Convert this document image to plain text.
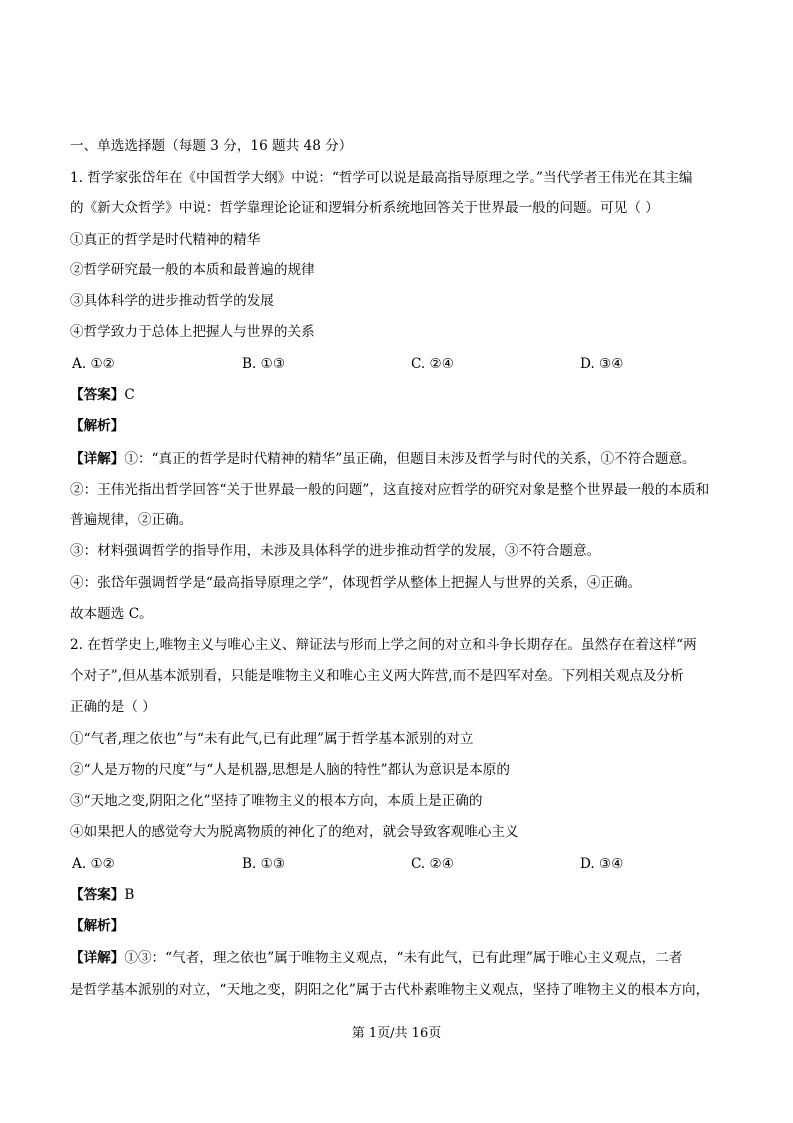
一、单选选择题（每题 3 分，16 题共 48 分）
1. 哲学家张岱年在《中国哲学大纲》中说：“哲学可以说是最高指导原理之学。”当代学者王伟光在其主编
的《新大众哲学》中说：哲学靠理论论证和逻辑分析系统地回答关于世界最一般的问题。可见（ ）
①真正的哲学是时代精神的精华
②哲学研究最一般的本质和最普遍的规律
③具体科学的进步推动哲学的发展
④哲学致力于总体上把握人与世界的关系
A. ①②	B. ①③	C. ②④	D. ③④
【答案】C
【解析】
【详解】①：“真正的哲学是时代精神的精华”虽正确，但题目未涉及哲学与时代的关系，①不符合题意。
②：王伟光指出哲学回答“关于世界最一般的问题”，这直接对应哲学的研究对象是整个世界最一般的本质和
普遍规律，②正确。
③：材料强调哲学的指导作用，未涉及具体科学的进步推动哲学的发展，③不符合题意。
④：张岱年强调哲学是“最高指导原理之学”，体现哲学从整体上把握人与世界的关系，④正确。
故本题选 C。
2. 在哲学史上,唯物主义与唯心主义、辩证法与形而上学之间的对立和斗争长期存在。虽然存在着这样“两
个对子”,但从基本派别看，只能是唯物主义和唯心主义两大阵营,而不是四军对垒。下列相关观点及分析
正确的是（ ）
①“气者,理之依也”与“未有此气,已有此理”属于哲学基本派别的对立
②“人是万物的尺度”与“人是机器,思想是人脑的特性”都认为意识是本原的
③“天地之变,阴阳之化”坚持了唯物主义的根本方向，本质上是正确的
④如果把人的感觉夸大为脱离物质的神化了的绝对，就会导致客观唯心主义
A. ①②	B. ①③	C. ②④	D. ③④
【答案】B
【解析】
【详解】①③：“气者，理之依也”属于唯物主义观点，“未有此气，已有此理”属于唯心主义观点，二者
是哲学基本派别的对立，“天地之变，阴阳之化”属于古代朴素唯物主义观点，坚持了唯物主义的根本方向，
第 1页/共 16页
